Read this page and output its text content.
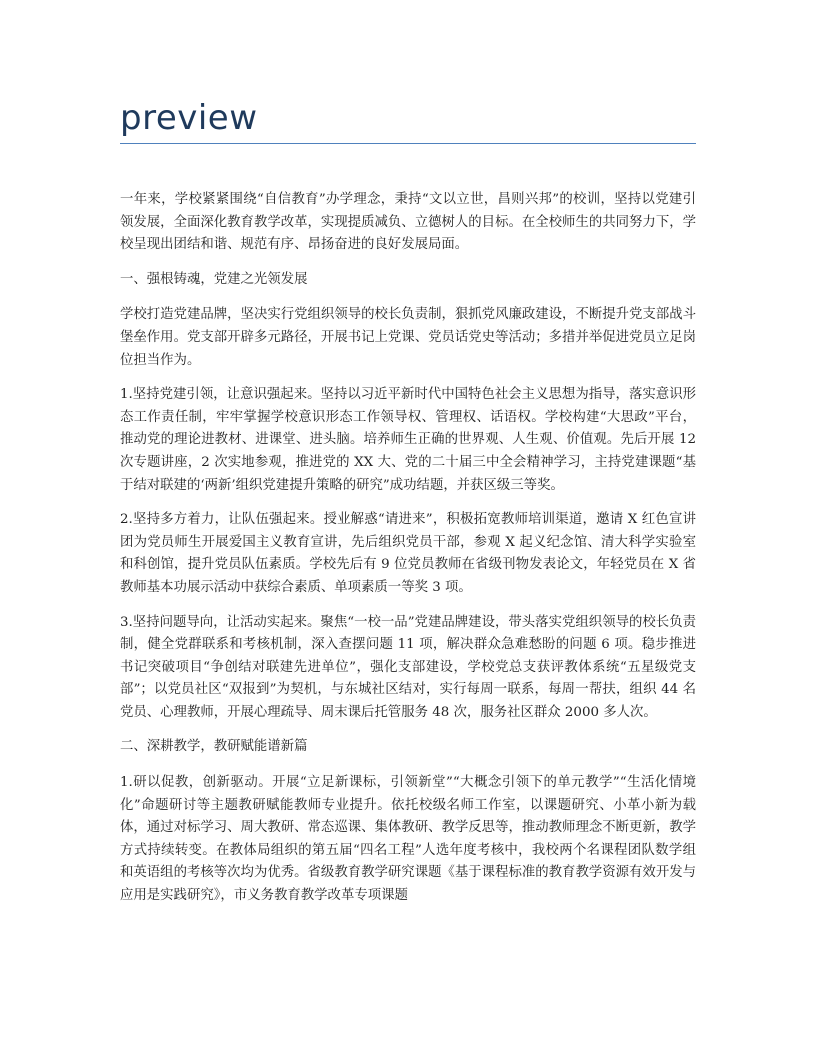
preview

一年来，学校紧紧围绕“自信教育”办学理念，秉持“文以立世，昌则兴邦”的校训，坚持以党建引领发展，全面深化教育教学改革，实现提质减负、立德树人的目标。在全校师生的共同努力下，学校呈现出团结和谐、规范有序、昂扬奋进的良好发展局面。

一、强根铸魂，党建之光领发展

学校打造党建品牌，坚决实行党组织领导的校长负责制，狠抓党风廉政建设，不断提升党支部战斗堡垒作用。党支部开辟多元路径，开展书记上党课、党员话党史等活动；多措并举促进党员立足岗位担当作为。

1.坚持党建引领，让意识强起来。坚持以习近平新时代中国特色社会主义思想为指导，落实意识形态工作责任制，牢牢掌握学校意识形态工作领导权、管理权、话语权。学校构建“大思政”平台，推动党的理论进教材、进课堂、进头脑。培养师生正确的世界观、人生观、价值观。先后开展 12 次专题讲座，2 次实地参观，推进党的 XX 大、党的二十届三中全会精神学习，主持党建课题“基于结对联建的‘两新’组织党建提升策略的研究”成功结题，并获区级三等奖。

2.坚持多方着力，让队伍强起来。授业解惑“请进来”，积极拓宽教师培训渠道，邀请 X 红色宣讲团为党员师生开展爱国主义教育宣讲，先后组织党员干部，参观 X 起义纪念馆、清大科学实验室和科创馆，提升党员队伍素质。学校先后有 9 位党员教师在省级刊物发表论文，年轻党员在 X 省教师基本功展示活动中获综合素质、单项素质一等奖 3 项。

3.坚持问题导向，让活动实起来。聚焦“一校一品”党建品牌建设，带头落实党组织领导的校长负责制，健全党群联系和考核机制，深入查摆问题 11 项，解决群众急难愁盼的问题 6 项。稳步推进书记突破项目“争创结对联建先进单位”，强化支部建设，学校党总支获评教体系统“五星级党支部”；以党员社区“双报到”为契机，与东城社区结对，实行每周一联系，每周一帮扶，组织 44 名党员、心理教师，开展心理疏导、周末课后托管服务 48 次，服务社区群众 2000 多人次。

二、深耕教学，教研赋能谱新篇

1.研以促教，创新驱动。开展“立足新课标，引领新堂”“大概念引领下的单元教学”“生活化情境化”命题研讨等主题教研赋能教师专业提升。依托校级名师工作室，以课题研究、小革小新为载体，通过对标学习、周大教研、常态巡课、集体教研、教学反思等，推动教师理念不断更新，教学方式持续转变。在教体局组织的第五届“四名工程”人选年度考核中，我校两个名课程团队数学组和英语组的考核等次均为优秀。省级教育教学研究课题《基于课程标准的教育教学资源有效开发与应用是实践研究》，市义务教育教学改革专项课题
